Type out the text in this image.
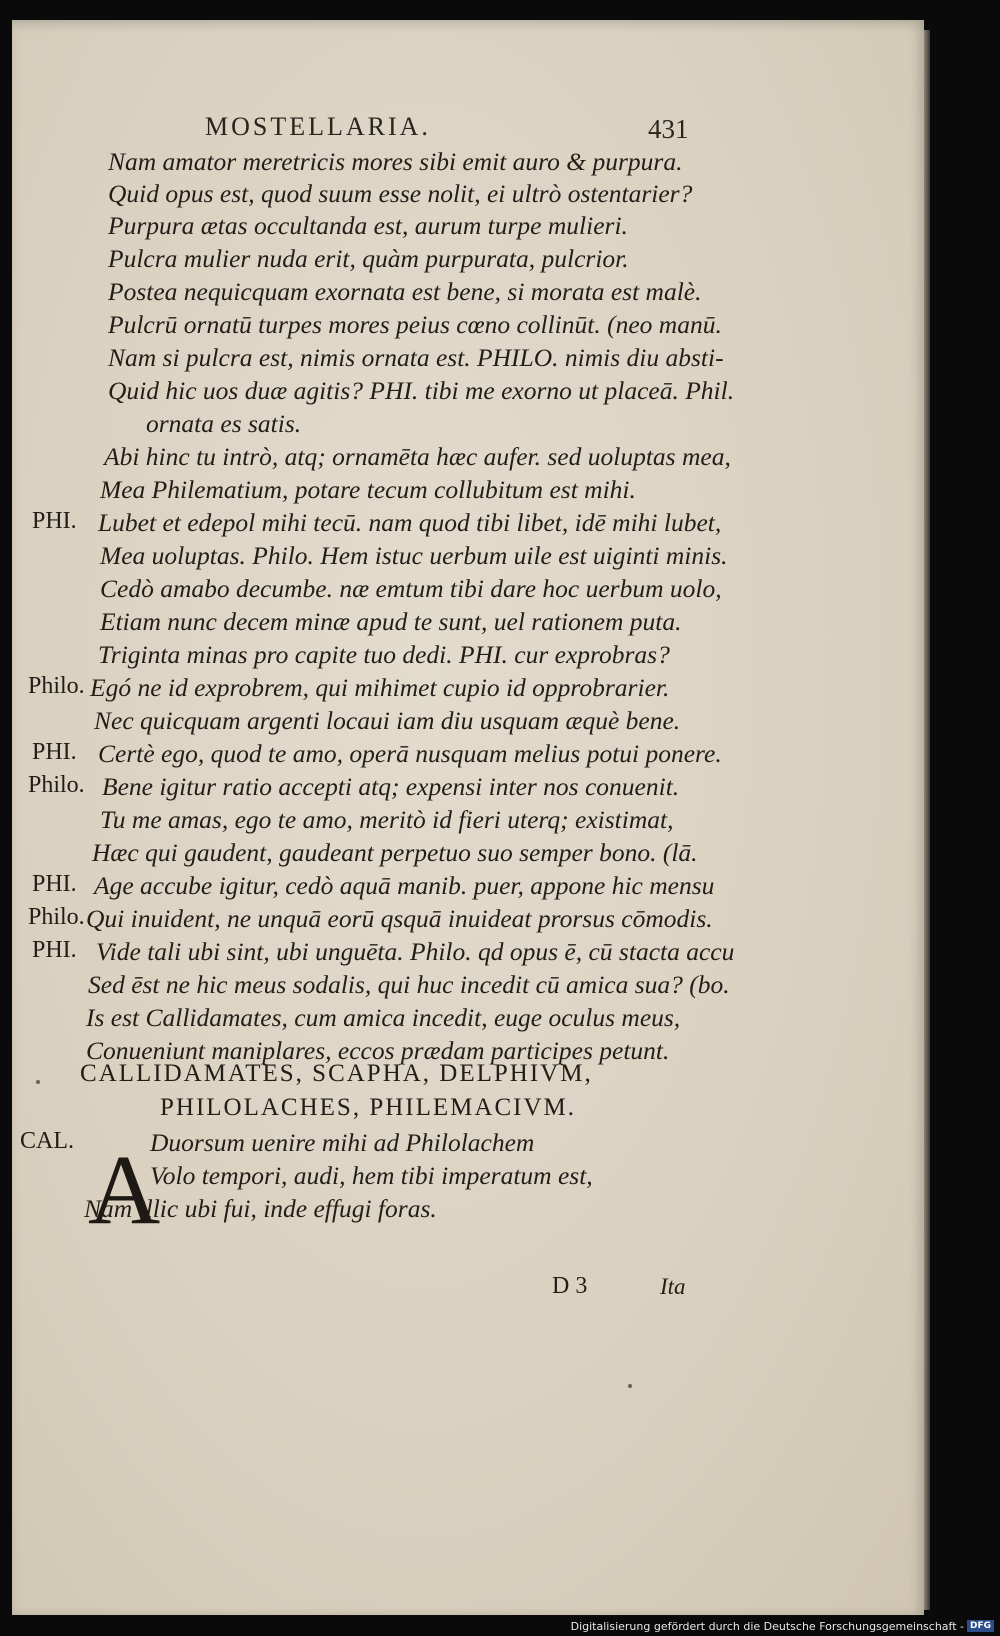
MOSTELLARIA.	431
Nam amator meretricis mores sibi emit auro & purpura.
Quid opus est, quod suum esse nolit, ei ultrò ostentarier?
Purpura ætas occultanda est, aurum turpe mulieri.
Pulcra mulier nuda erit, quàm purpurata, pulcrior.
Postea nequicquam exornata est bene, si morata est malè.
Pulcrū ornatū turpes mores peius cœno collinūt. (neo manū.
Nam si pulcra est, nimis ornata est. PHILO. nimis diu absti-
Quid hic uos duæ agitis? PHI. tibi me exorno ut placeā. Phil.
ornata es satis.
Abi hinc tu intrò, atq; ornamēta hæc aufer. sed uoluptas mea,
Mea Philematium, potare tecum collubitum est mihi.
PHI. Lubet et edepol mihi tecū. nam quod tibi libet, idē mihi lubet,
Mea uoluptas. Philo. Hem istuc uerbum uile est uiginti minis.
Cedò amabo decumbe. næ emtum tibi dare hoc uerbum uolo,
Etiam nunc decem minæ apud te sunt, uel rationem puta.
Triginta minas pro capite tuo dedi. PHI. cur exprobras?
Philo. Egó ne id exprobrem, qui mihimet cupio id opprobrarier.
Nec quicquam argenti locaui iam diu usquam æquè bene.
PHI. Certè ego, quod te amo, operā nusquam melius potui ponere.
Philo. Bene igitur ratio accepti atq; expensi inter nos conuenit.
Tu me amas, ego te amo, meritò id fieri uterq; existimat,
Hæc qui gaudent, gaudeant perpetuo suo semper bono. (lā.
PHI. Age accube igitur, cedò aquā manib. puer, appone hic mensu
Philo. Qui inuident, ne unquā eorū qsquā inuideat prorsus cōmodis.
PHI. Vide tali ubi sint, ubi unguēta. Philo. qd opus ē, cū stacta accu
Sed ēst ne hic meus sodalis, qui huc incedit cū amica sua? (bo.
Is est Callidamates, cum amica incedit, euge oculus meus,
Conueniunt maniplares, eccos prædam participes petunt.
CALLIDAMATES, SCAPHA, DELPHIVM,
PHILOLACHES, PHILEMACIVM.
CAL. A
Duorsum uenire mihi ad Philolachem
Volo tempori, audi, hem tibi imperatum est,
Nam illic ubi fui, inde effugi foras.
D 3	Ita
Digitalisierung gefördert durch die Deutsche Forschungsgemeinschaft - DFG
